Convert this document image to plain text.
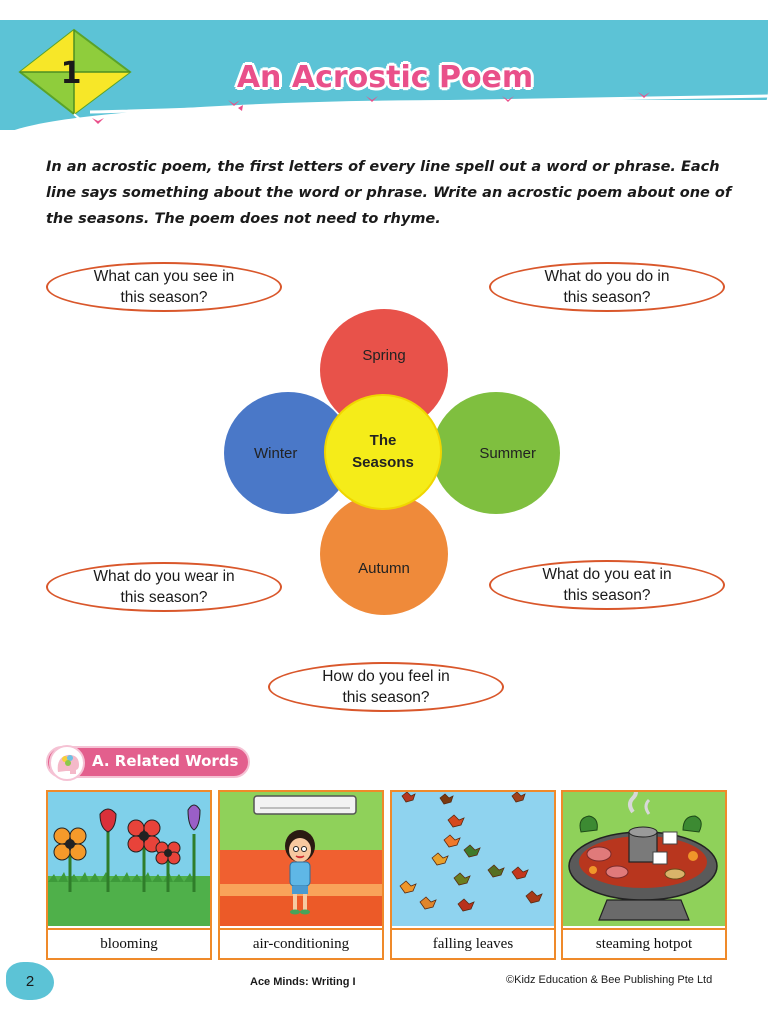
1	An Acrostic Poem
In an acrostic poem, the first letters of every line spell out a word or phrase. Each line says something about the word or phrase. Write an acrostic poem about one of the seasons. The poem does not need to rhyme.
What can you see in
this season?
What do you do in
this season?
What do you wear in
this season?
What do you eat in
this season?
How do you feel in
this season?
Spring
Winter	Summer
Autumn
The
Seasons
A. Related Words
blooming	air-conditioning	falling leaves	steaming hotpot
2	Ace Minds: Writing I	©Kidz Education & Bee Publishing Pte Ltd
